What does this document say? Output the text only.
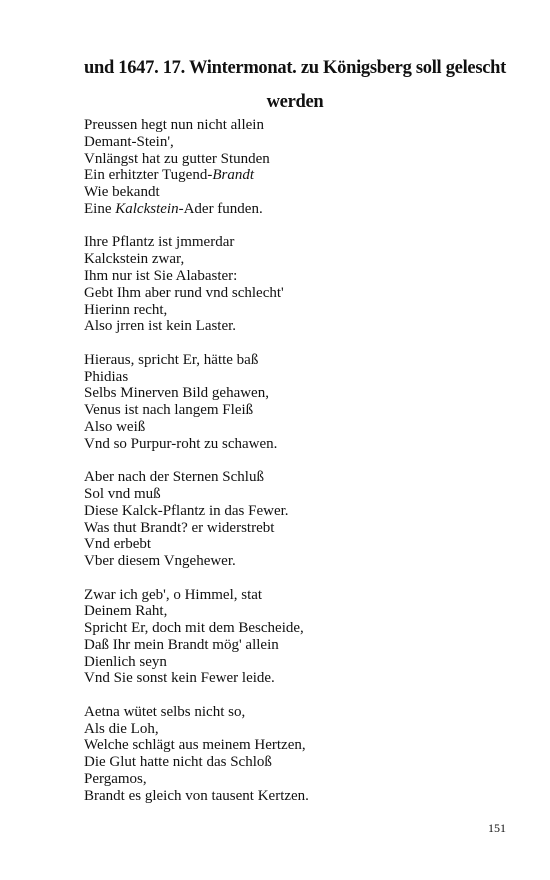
und 1647. 17. Wintermonat. zu Königsberg soll gelescht
werden
Preussen hegt nun nicht allein
Demant-Stein',
Vnlängst hat zu gutter Stunden
Ein erhitzter Tugend-Brandt
Wie bekandt
Eine Kalckstein-Ader funden.
Ihre Pflantz ist jmmerdar
Kalckstein zwar,
Ihm nur ist Sie Alabaster:
Gebt Ihm aber rund vnd schlecht'
Hierinn recht,
Also jrren ist kein Laster.
Hieraus, spricht Er, hätte baß
Phidias
Selbs Minerven Bild gehawen,
Venus ist nach langem Fleiß
Also weiß
Vnd so Purpur-roht zu schawen.
Aber nach der Sternen Schluß
Sol vnd muß
Diese Kalck-Pflantz in das Fewer.
Was thut Brandt? er widerstrebt
Vnd erbebt
Vber diesem Vngehewer.
Zwar ich geb', o Himmel, stat
Deinem Raht,
Spricht Er, doch mit dem Bescheide,
Daß Ihr mein Brandt mög' allein
Dienlich seyn
Vnd Sie sonst kein Fewer leide.
Aetna wütet selbs nicht so,
Als die Loh,
Welche schlägt aus meinem Hertzen,
Die Glut hatte nicht das Schloß
Pergamos,
Brandt es gleich von tausent Kertzen.
151
